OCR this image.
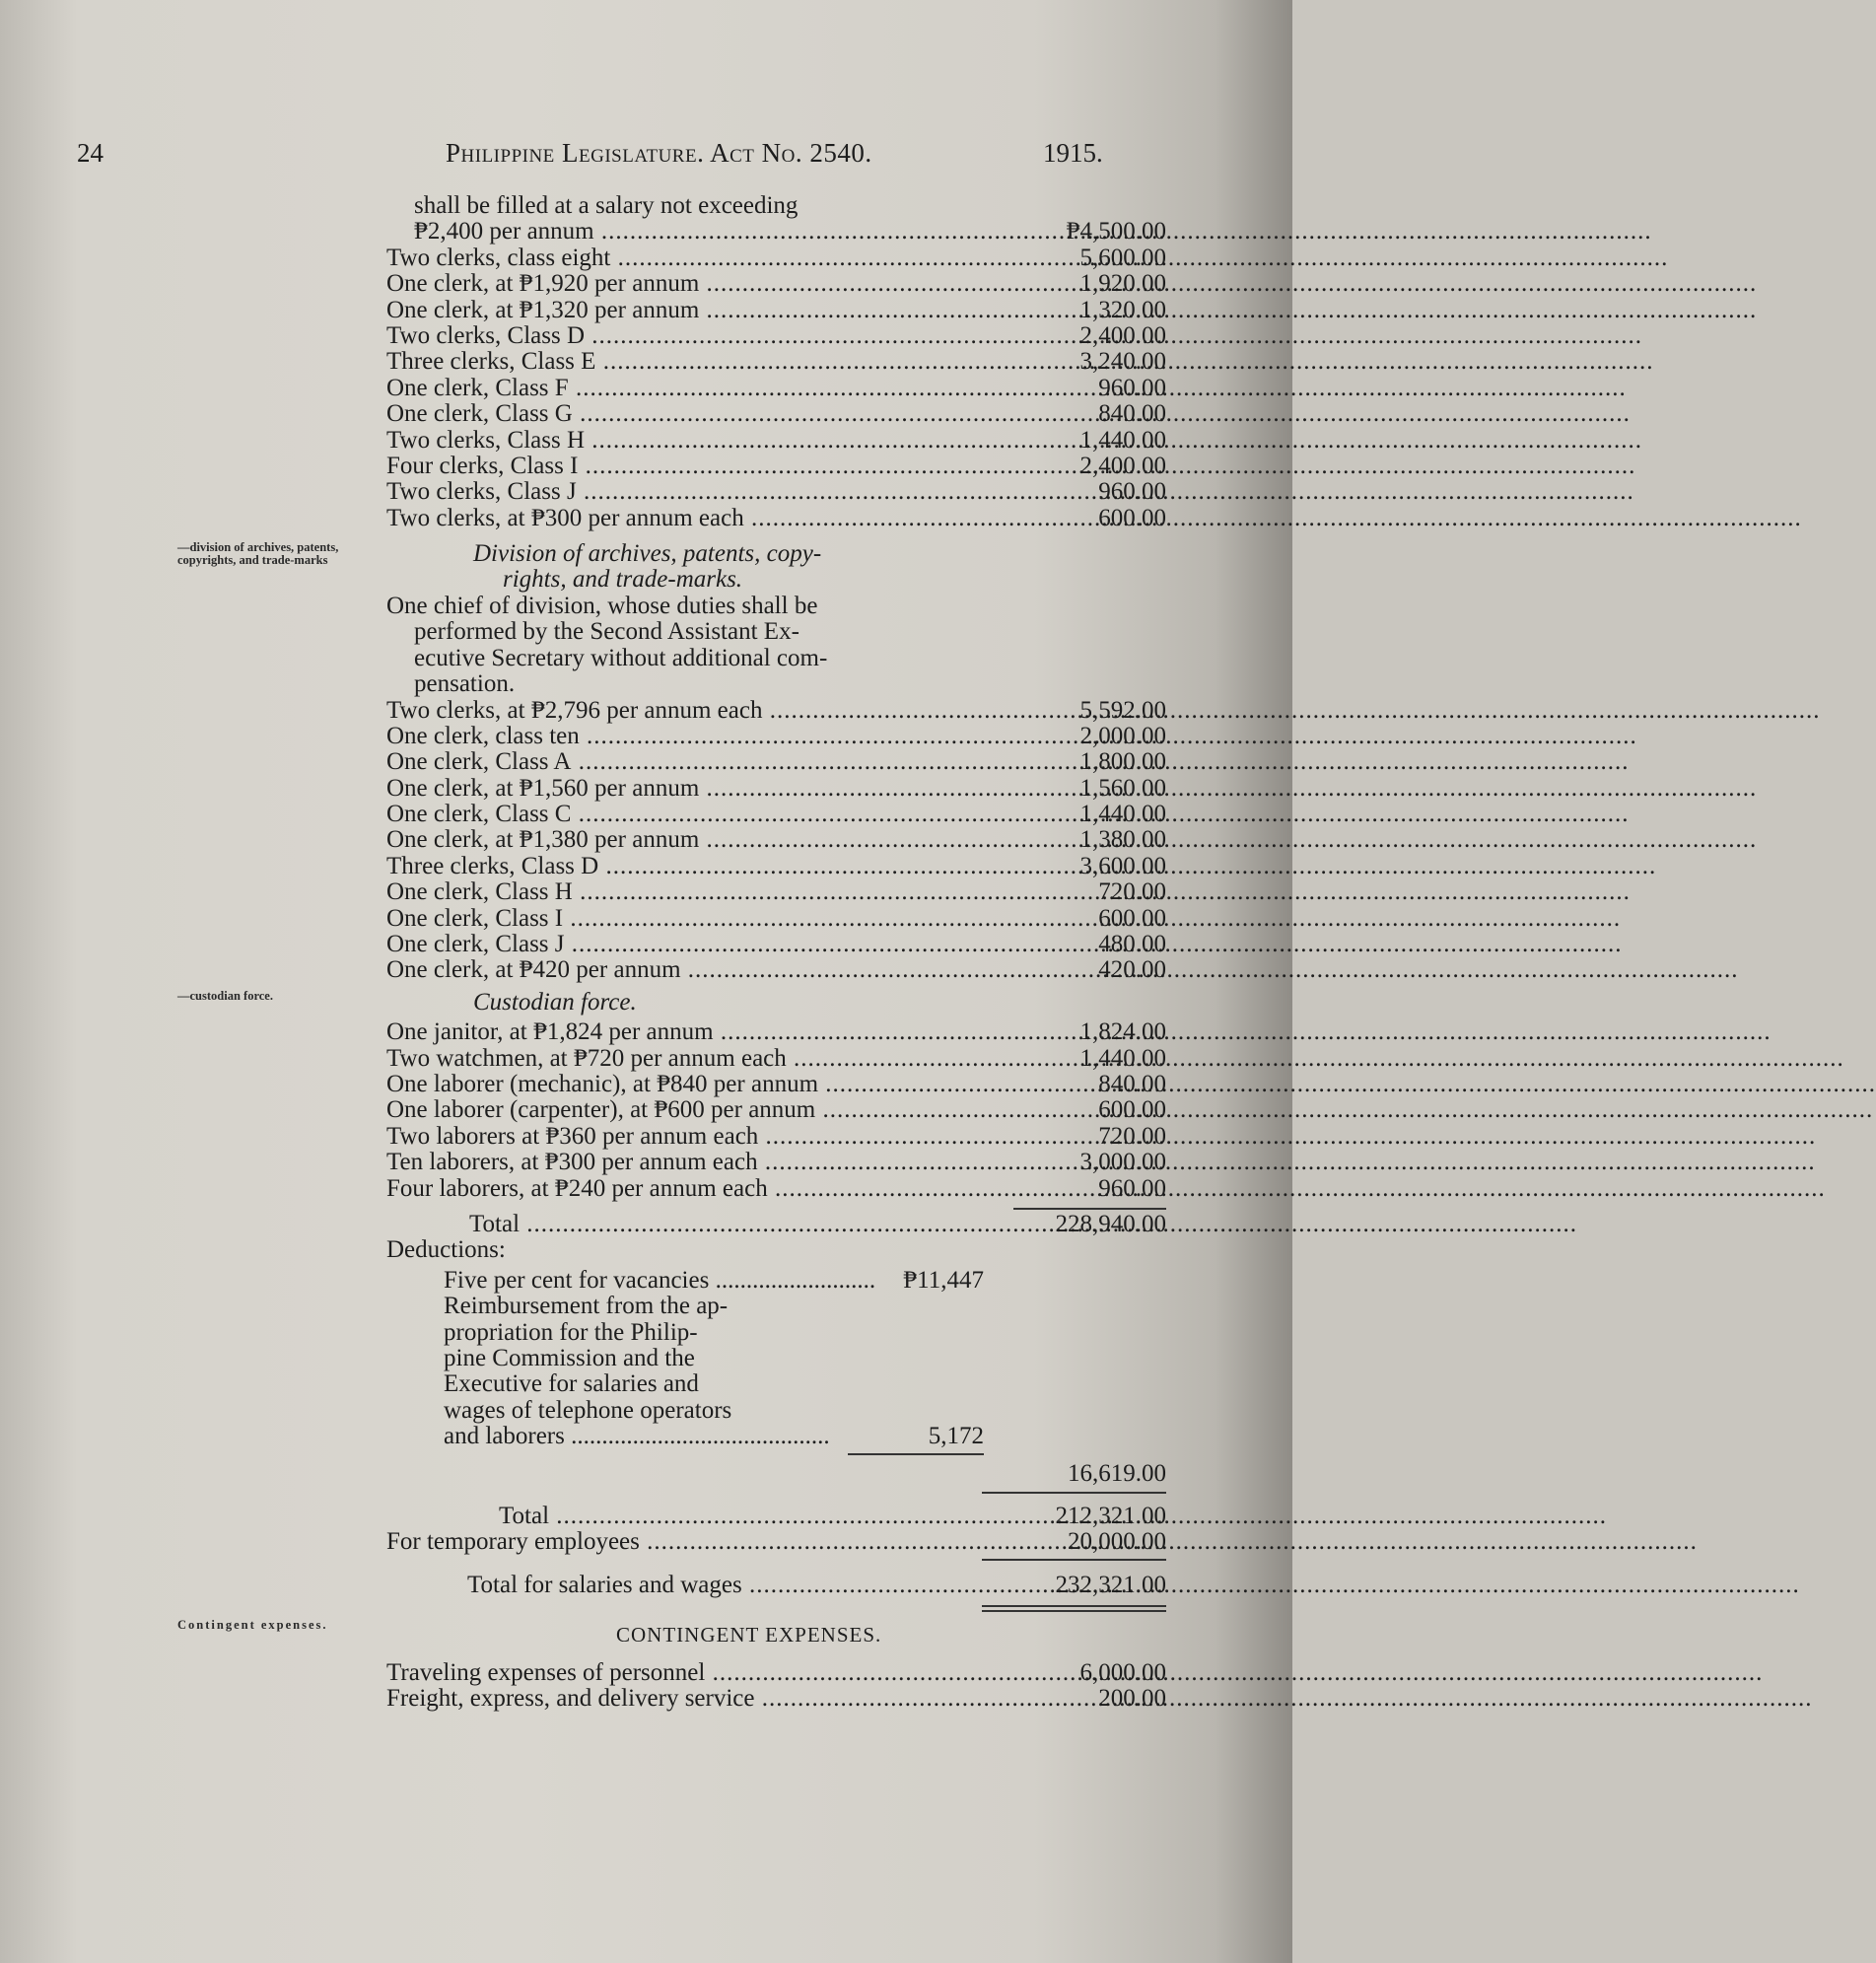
24	Philippine Legislature. Act No. 2540.	1915.
shall be filled at a salary not exceeding
₱2,400 per annum .....	₱4,500.00
Two clerks, class eight .....	5,600.00
One clerk, at ₱1,920 per annum .....	1,920.00
One clerk, at ₱1,320 per annum .....	1,320.00
Two clerks, Class D .....	2,400.00
Three clerks, Class E .....	3,240.00
One clerk, Class F .....	960.00
One clerk, Class G .....	840.00
Two clerks, Class H .....	1,440.00
Four clerks, Class I .....	2,400.00
Two clerks, Class J .....	960.00
Two clerks, at ₱300 per annum each .....	600.00
—division of archives, patents, copyrights, and trade-marks	Division of archives, patents, copy-
rights, and trade-marks.
One chief of division, whose duties shall be
performed by the Second Assistant Ex-
ecutive Secretary without additional com-
pensation.
Two clerks, at ₱2,796 per annum each .....	5,592.00
One clerk, class ten .....	2,000.00
One clerk, Class A .....	1,800.00
One clerk, at ₱1,560 per annum .....	1,560.00
One clerk, Class C .....	1,440.00
One clerk, at ₱1,380 per annum .....	1,380.00
Three clerks, Class D .....	3,600.00
One clerk, Class H .....	720.00
One clerk, Class I .....	600.00
One clerk, Class J .....	480.00
One clerk, at ₱420 per annum .....	420.00
—custodian force.	Custodian force.
One janitor, at ₱1,824 per annum .....	1,824.00
Two watchmen, at ₱720 per annum each .....	1,440.00
One laborer (mechanic), at ₱840 per annum .....	840.00
One laborer (carpenter), at ₱600 per annum .....	600.00
Two laborers at ₱360 per annum each .....	720.00
Ten laborers, at ₱300 per annum each .....	3,000.00
Four laborers, at ₱240 per annum each .....	960.00
Total .....	228,940.00
Deductions:
Five per cent for vacancies ..........................	₱11,447
Reimbursement from the ap-
propriation for the Philip-
pine Commission and the
Executive for salaries and
wages of telephone operators
and laborers ..........................................	5,172
16,619.00
Total .....	212,321.00
For temporary employees .....	20,000.00
Total for salaries and wages .....	232,321.00
Contingent expenses.	CONTINGENT EXPENSES.
Traveling expenses of personnel .....	6,000.00
Freight, express, and delivery service .....	200.00
